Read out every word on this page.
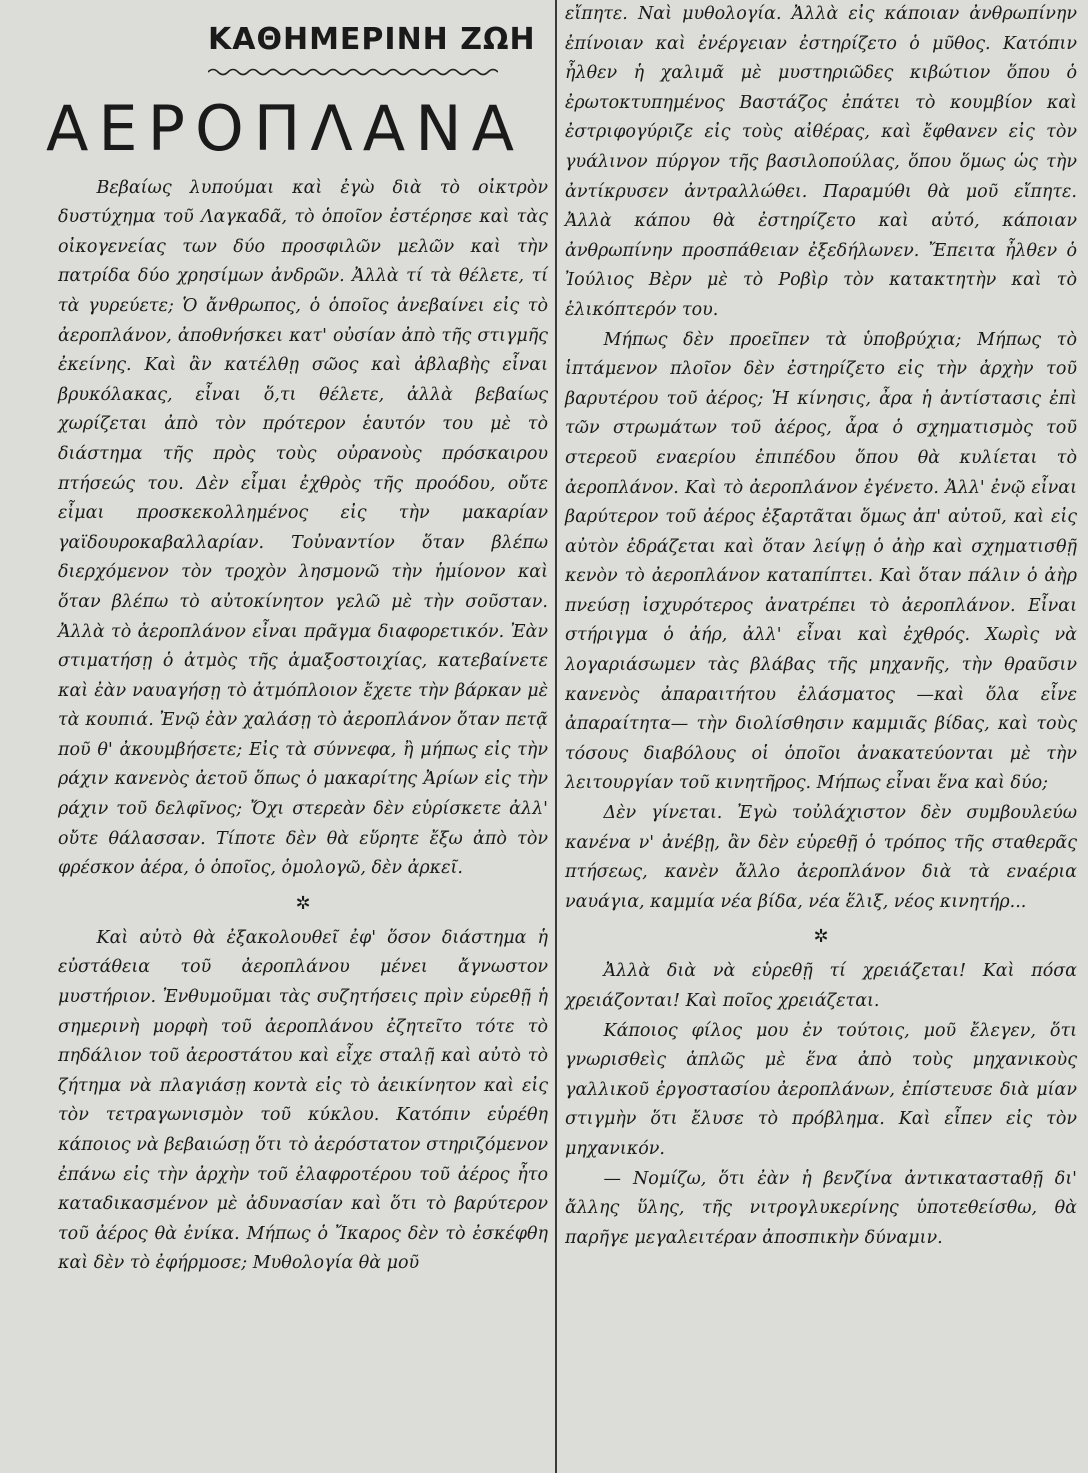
ΚΑΘΗΜΕΡΙΝΗ ΖΩΗ
ΑΕΡΟΠΛΑΝΑ

Βεβαίως λυπούμαι καὶ ἐγὼ διὰ τὸ οἰκτρὸν δυστύχημα τοῦ Λαγκαδᾶ, τὸ ὁποῖον ἐστέρησε καὶ τὰς οἰκογενείας των δύο προσφιλῶν μελῶν καὶ τὴν πατρίδα δύο χρησίμων ἀνδρῶν. Ἀλλὰ τί τὰ θέλετε, τί τὰ γυρεύετε; Ὁ ἄνθρωπος, ὁ ὁποῖος ἀνεβαίνει εἰς τὸ ἀεροπλάνον, ἀποθνήσκει κατ' οὐσίαν ἀπὸ τῆς στιγμῆς ἐκείνης. Καὶ ἂν κατέλθῃ σῶος καὶ ἀβλαβὴς εἶναι βρυκόλακας, εἶναι ὅ,τι θέλετε, ἀλλὰ βεβαίως χωρίζεται ἀπὸ τὸν πρότερον ἑαυτόν του μὲ τὸ διάστημα τῆς πρὸς τοὺς οὐρανοὺς πρόσκαιρου πτήσεώς του. Δὲν εἶμαι ἐχθρὸς τῆς προόδου, οὔτε εἶμαι προσκεκολλημένος εἰς τὴν μακαρίαν γαϊδουροκαβαλλαρίαν. Τοὐναντίον ὅταν βλέπω διερχόμενον τὸν τροχὸν λησμονῶ τὴν ἡμίονον καὶ ὅταν βλέπω τὸ αὐτοκίνητον γελῶ μὲ τὴν σοῦσταν. Ἀλλὰ τὸ ἀεροπλάνον εἶναι πρᾶγμα διαφορετικόν. Ἐὰν στιματήσῃ ὁ ἀτμὸς τῆς ἁμαξοστοιχίας, κατεβαίνετε καὶ ἐὰν ναυαγήσῃ τὸ ἀτμόπλοιον ἔχετε τὴν βάρκαν μὲ τὰ κουπιά. Ἐνῷ ἐὰν χαλάσῃ τὸ ἀεροπλάνον ὅταν πετᾷ ποῦ θ' ἀκουμβήσετε; Εἰς τὰ σύννεφα, ἢ μήπως εἰς τὴν ράχιν κανενὸς ἀετοῦ ὅπως ὁ μακαρίτης Ἀρίων εἰς τὴν ράχιν τοῦ δελφῖνος; Ὄχι στερεὰν δὲν εὑρίσκετε ἀλλ' οὔτε θάλασσαν. Τίποτε δὲν θὰ εὕρητε ἔξω ἀπὸ τὸν φρέσκον ἀέρα, ὁ ὁποῖος, ὁμολογῶ, δὲν ἀρκεῖ.

✲

Καὶ αὐτὸ θὰ ἐξακολουθεῖ ἐφ' ὅσον διάστημα ἡ εὐστάθεια τοῦ ἀεροπλάνου μένει ἄγνωστον μυστήριον. Ἐνθυμοῦμαι τὰς συζητήσεις πρὶν εὑρεθῇ ἡ σημερινὴ μορφὴ τοῦ ἀεροπλάνου ἐζητεῖτο τότε τὸ πηδάλιον τοῦ ἀεροστάτου καὶ εἶχε σταλῇ καὶ αὐτὸ τὸ ζήτημα νὰ πλαγιάσῃ κοντὰ εἰς τὸ ἀεικίνητον καὶ εἰς τὸν τετραγωνισμὸν τοῦ κύκλου. Κατόπιν εὑρέθη κάποιος νὰ βεβαιώσῃ ὅτι τὸ ἀερόστατον στηριζόμενον ἐπάνω εἰς τὴν ἀρχὴν τοῦ ἐλαφροτέρου τοῦ ἀέρος ἦτο καταδικασμένον μὲ ἀδυνασίαν καὶ ὅτι τὸ βαρύτερον τοῦ ἀέρος θὰ ἐνίκα. Μήπως ὁ Ἴκαρος δὲν τὸ ἐσκέφθη καὶ δὲν τὸ ἐφήρμοσε; Μυθολογία θὰ μοῦ

εἴπητε. Ναὶ μυθολογία. Ἀλλὰ εἰς κάποιαν ἀνθρωπίνην ἐπίνοιαν καὶ ἐνέργειαν ἐστηρίζετο ὁ μῦθος. Κατόπιν ἦλθεν ἡ χαλιμᾶ μὲ μυστηριῶδες κιβώτιον ὅπου ὁ ἐρωτοκτυπημένος Βαστάζος ἐπάτει τὸ κουμβίον καὶ ἐστριφογύριζε εἰς τοὺς αἰθέρας, καὶ ἔφθανεν εἰς τὸν γυάλινον πύργον τῆς βασιλοπούλας, ὅπου ὅμως ὡς τὴν ἀντίκρυσεν ἀντραλλώθει. Παραμύθι θὰ μοῦ εἴπητε. Ἀλλὰ κάπου θὰ ἐστηρίζετο καὶ αὐτό, κάποιαν ἀνθρωπίνην προσπάθειαν ἐξεδήλωνεν. Ἔπειτα ἦλθεν ὁ Ἰούλιος Βὲρν μὲ τὸ Ροβὶρ τὸν κατακτητὴν καὶ τὸ ἑλικόπτερόν του.

Μήπως δὲν προεῖπεν τὰ ὑποβρύχια; Μήπως τὸ ἱπτάμενον πλοῖον δὲν ἐστηρίζετο εἰς τὴν ἀρχὴν τοῦ βαρυτέρου τοῦ ἀέρος; Ἡ κίνησις, ἆρα ἡ ἀντίστασις ἐπὶ τῶν στρωμάτων τοῦ ἀέρος, ἆρα ὁ σχηματισμὸς τοῦ στερεοῦ εναερίου ἐπιπέδου ὅπου θὰ κυλίεται τὸ ἀεροπλάνον. Καὶ τὸ ἀεροπλάνον ἐγένετο. Ἀλλ' ἐνῷ εἶναι βαρύτερον τοῦ ἀέρος ἐξαρτᾶται ὅμως ἀπ' αὐτοῦ, καὶ εἰς αὐτὸν ἐδράζεται καὶ ὅταν λείψῃ ὁ ἀὴρ καὶ σχηματισθῇ κενὸν τὸ ἀεροπλάνον καταπίπτει. Καὶ ὅταν πάλιν ὁ ἀὴρ πνεύσῃ ἰσχυρότερος ἀνατρέπει τὸ ἀεροπλάνον. Εἶναι στήριγμα ὁ ἀήρ, ἀλλ' εἶναι καὶ ἐχθρός. Χωρὶς νὰ λογαριάσωμεν τὰς βλάβας τῆς μηχανῆς, τὴν θραῦσιν κανενὸς ἀπαραιτήτου ἐλάσματος —καὶ ὅλα εἶνε ἀπαραίτητα— τὴν διολίσθησιν καμμιᾶς βίδας, καὶ τοὺς τόσους διαβόλους οἱ ὁποῖοι ἀνακατεύονται μὲ τὴν λειτουργίαν τοῦ κινητῆρος. Μήπως εἶναι ἕνα καὶ δύο;

Δὲν γίνεται. Ἐγὼ τοὐλάχιστον δὲν συμβουλεύω κανένα ν' ἀνέβῃ, ἂν δὲν εὑρεθῇ ὁ τρόπος τῆς σταθερᾶς πτήσεως, κανὲν ἄλλο ἀεροπλάνον διὰ τὰ εναέρια ναυάγια, καμμία νέα βίδα, νέα ἕλιξ, νέος κινητήρ...

✲

Ἀλλὰ διὰ νὰ εὑρεθῇ τί χρειάζεται! Καὶ πόσα χρειάζονται! Καὶ ποῖος χρειάζεται.

Κάποιος φίλος μου ἐν τούτοις, μοῦ ἔλεγεν, ὅτι γνωρισθεὶς ἁπλῶς μὲ ἕνα ἀπὸ τοὺς μηχανικοὺς γαλλικοῦ ἐργοστασίου ἀεροπλάνων, ἐπίστευσε διὰ μίαν στιγμὴν ὅτι ἔλυσε τὸ πρόβλημα. Καὶ εἶπεν εἰς τὸν μηχανικόν.

— Νομίζω, ὅτι ἐὰν ἡ βενζίνα ἀντικατασταθῇ δι' ἄλλης ὕλης, τῆς νιτρογλυκερίνης ὑποτεθείσθω, θὰ παρῆγε μεγαλειτέραν ἀποσπικὴν δύναμιν.
